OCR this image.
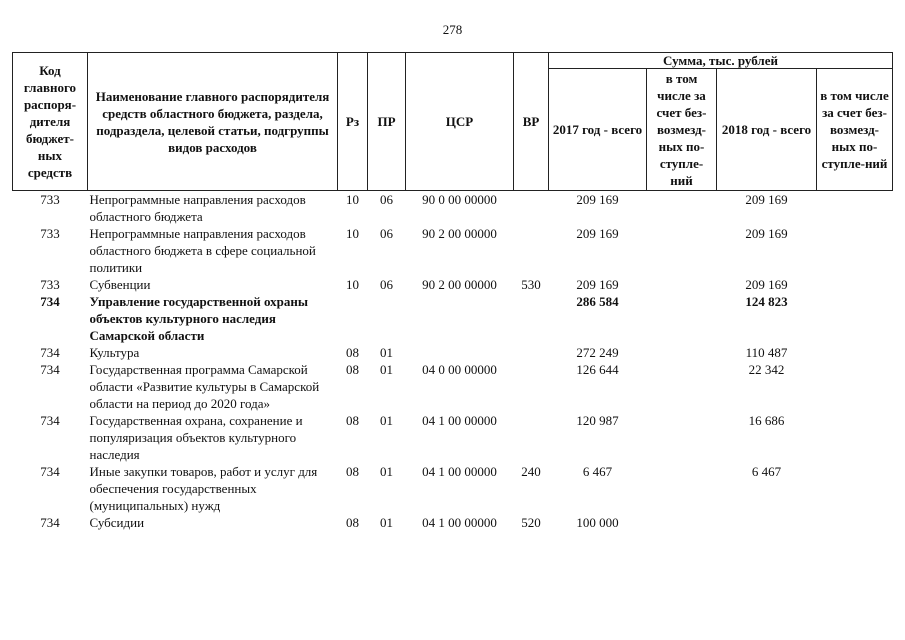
278
Код главного распоря-дителя бюджет-ных средств	Наименование главного распорядителя средств областного бюджета, раздела, подраздела, целевой статьи, подгруппы видов расходов	Рз	ПР	ЦСР	ВР	Сумма, тыс. рублей			
						2017 год - всего	в том числе за счет без-возмезд-ных по-ступле-ний	2018 год - всего	в том числе за счет без-возмезд-ных по-ступле-ний
733	Непрограммные направления расходов областного бюджета	10	06	90 0 00 00000		209 169		209 169	
733	Непрограммные направления расходов областного бюджета в сфере социальной политики	10	06	90 2 00 00000		209 169		209 169	
733	Субвенции	10	06	90 2 00 00000	530	209 169		209 169	
734	Управление государственной охраны объектов культурного наследия Самарской области					286 584		124 823	
734	Культура	08	01			272 249		110 487	
734	Государственная программа Самарской области «Развитие культуры в Самарской области на период до 2020 года»	08	01	04 0 00 00000		126 644		22 342	
734	Государственная охрана, сохранение и популяризация объектов культурного наследия	08	01	04 1 00 00000		120 987		16 686	
734	Иные закупки товаров, работ и услуг для обеспечения государственных (муниципальных) нужд	08	01	04 1 00 00000	240	6 467		6 467	
734	Субсидии	08	01	04 1 00 00000	520	100 000			
